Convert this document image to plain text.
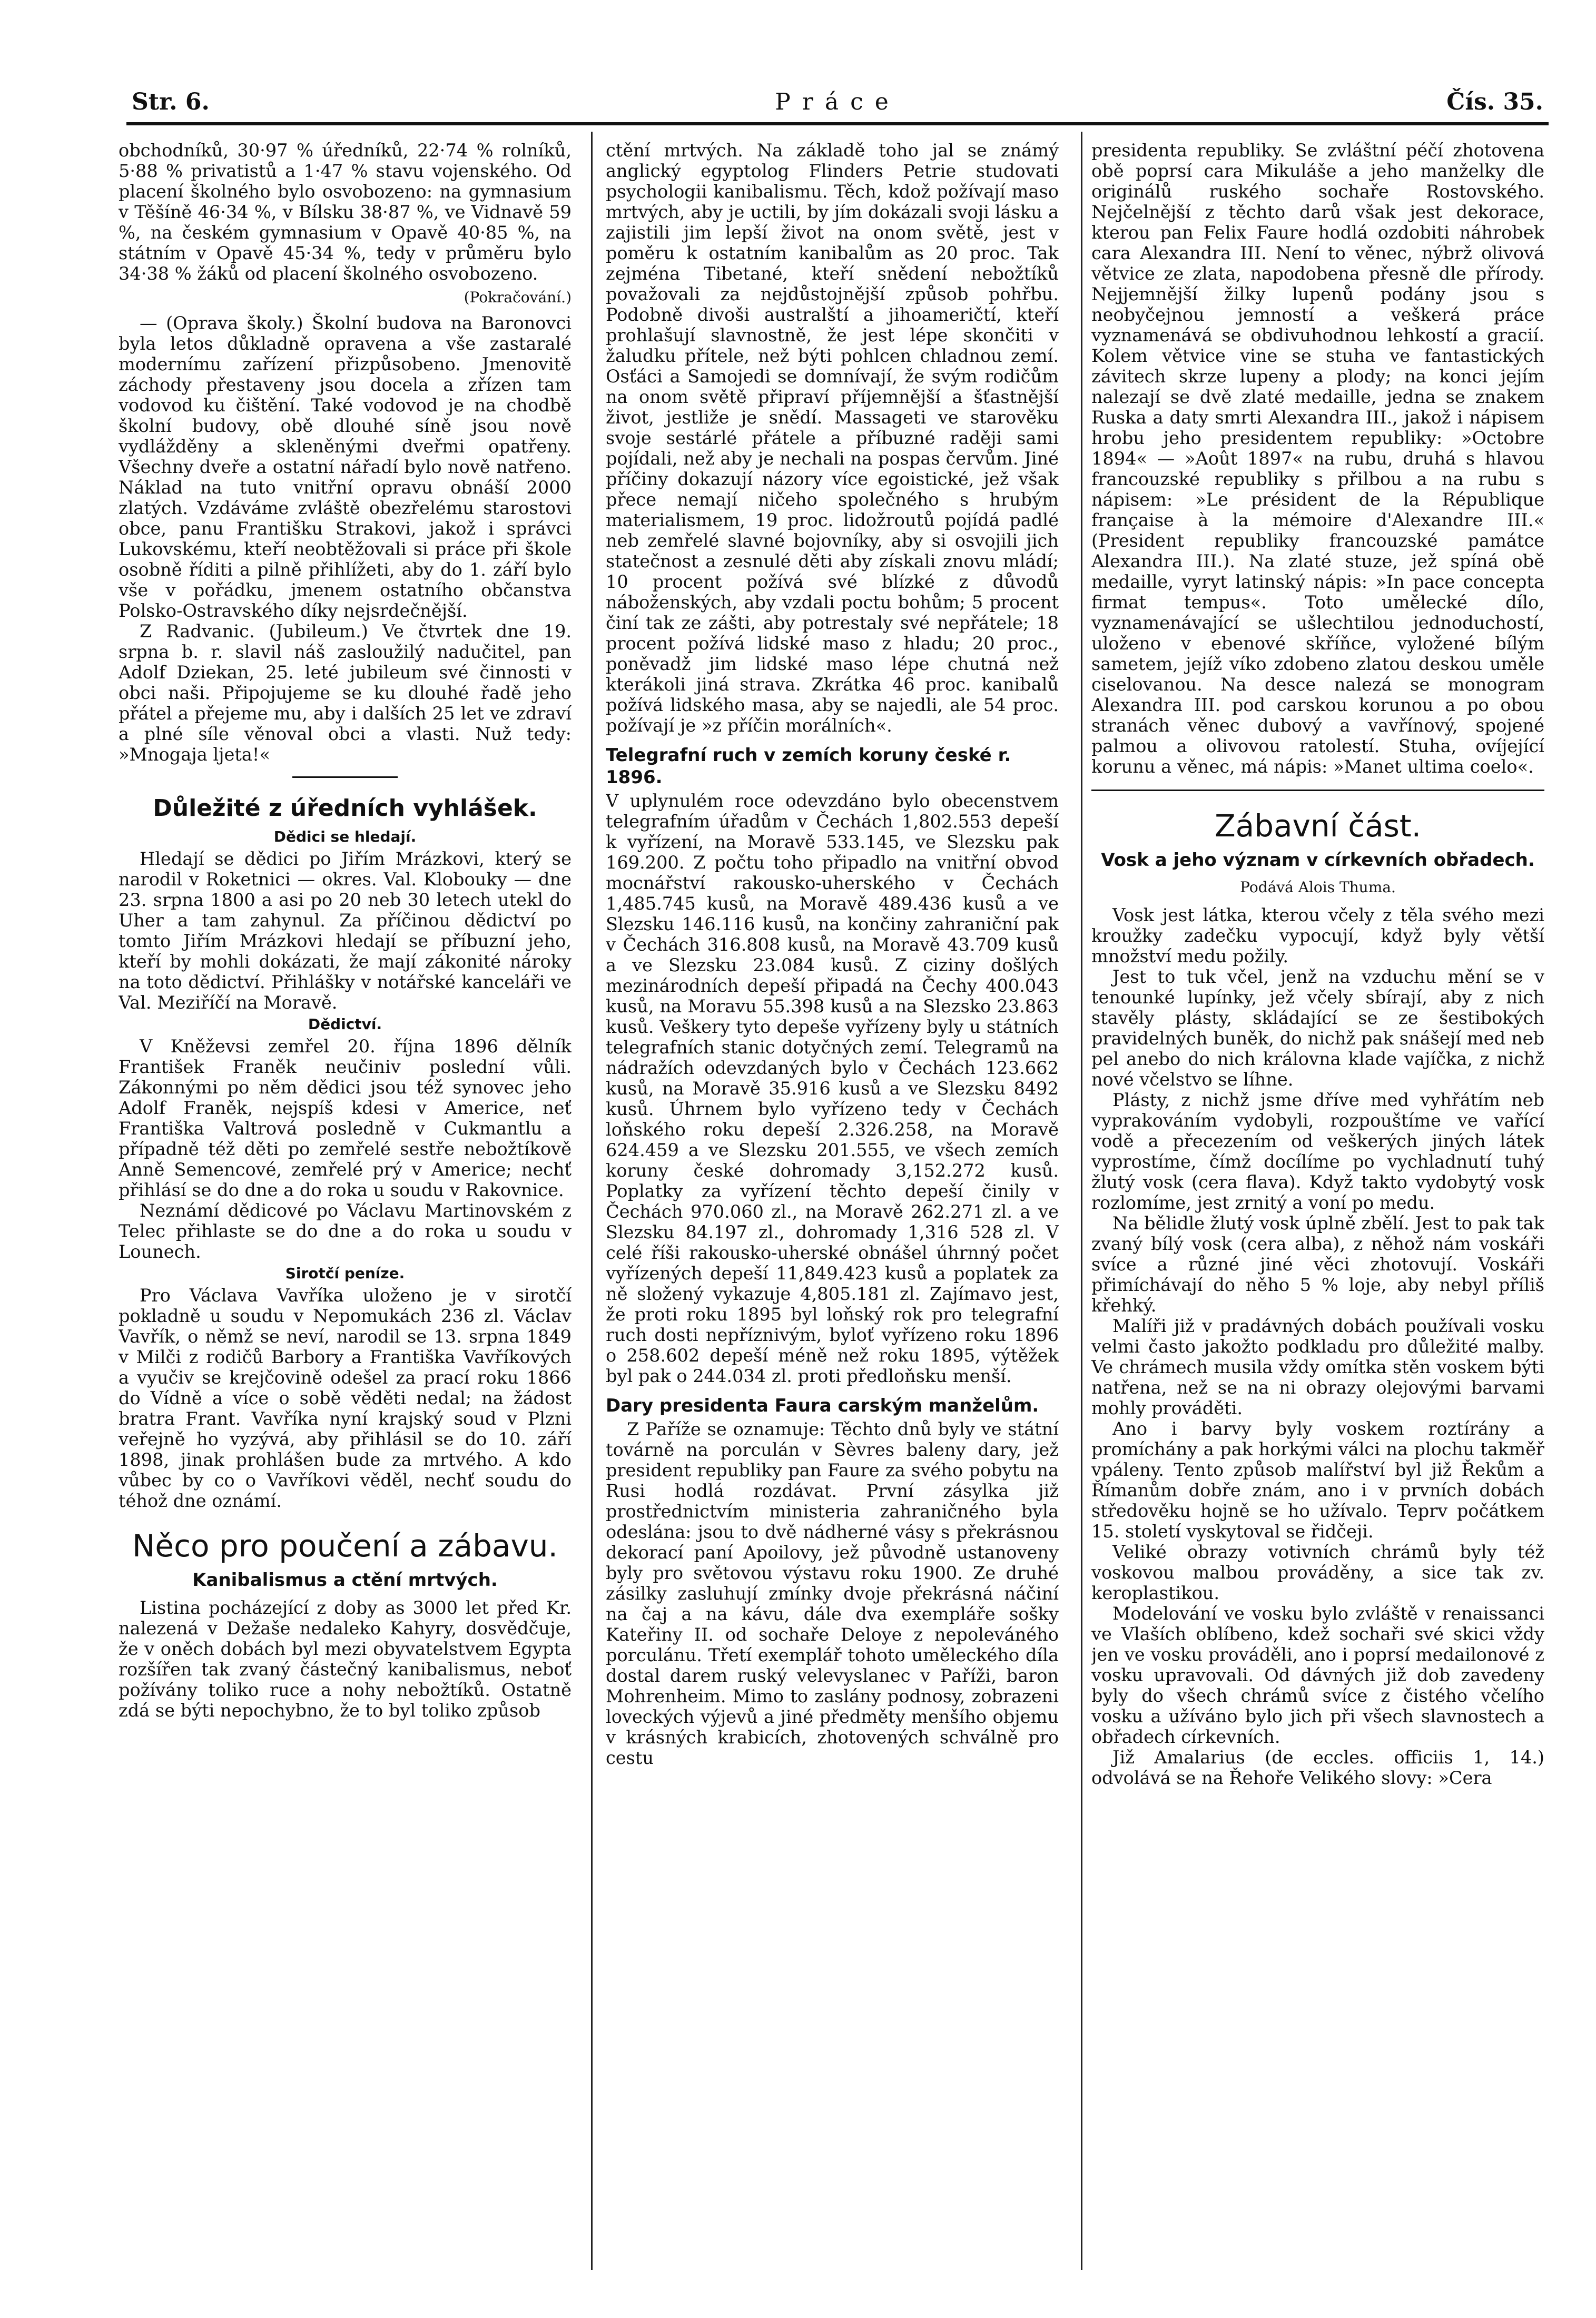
Str. 6.	Práce	Čís. 35.

obchodníků, 30·97 % úředníků, 22·74 % rolníků, 5·88 % privatistů a 1·47 % stavu vojenského. Od placení školného bylo osvobozeno: na gymnasium v Těšíně 46·34 %, v Bílsku 38·87 %, ve Vidnavě 59 %, na českém gymnasium v Opavě 40·85 %, na státním v Opavě 45·34 %, tedy v průměru bylo 34·38 % žáků od placení školného osvobozeno.

(Pokračování.)

— (Oprava školy.) Školní budova na Baronovci byla letos důkladně opravena a vše zastaralé modernímu zařízení přizpůsobeno. Jmenovitě záchody přestaveny jsou docela a zřízen tam vodovod ku čištění. Také vodovod je na chodbě školní budovy, obě dlouhé síně jsou nově vydlážděny a skleněnými dveřmi opatřeny. Všechny dveře a ostatní nářadí bylo nově natřeno. Náklad na tuto vnitřní opravu obnáší 2000 zlatých. Vzdáváme zvláště obezřelému starostovi obce, panu Františku Strakovi, jakož i správci Lukovskému, kteří neobtěžovali si práce při škole osobně říditi a pilně přihlížeti, aby do 1. září bylo vše v pořádku, jmenem ostatního občanstva Polsko-Ostravského díky nejsrdečnější.

Z Radvanic. (Jubileum.) Ve čtvrtek dne 19. srpna b. r. slavil náš zasloužilý nadučitel, pan Adolf Dziekan, 25. leté jubileum své činnosti v obci naši. Připojujeme se ku dlouhé řadě jeho přátel a přejeme mu, aby i dalších 25 let ve zdraví a plné síle věnoval obci a vlasti. Nuž tedy: »Mnogaja ljeta!«

Důležité z úředních vyhlášek.
Dědici se hledají.

Hledají se dědici po Jiřím Mrázkovi, který se narodil v Roketnici — okres. Val. Klobouky — dne 23. srpna 1800 a asi po 20 neb 30 letech utekl do Uher a tam zahynul. Za příčinou dědictví po tomto Jiřím Mrázkovi hledají se příbuzní jeho, kteří by mohli dokázati, že mají zákonité nároky na toto dědictví. Přihlášky v notářské kanceláři ve Val. Meziříčí na Moravě.

Dědictví.

V Kněževsi zemřel 20. října 1896 dělník František Franěk neučiniv poslední vůli. Zákonnými po něm dědici jsou též synovec jeho Adolf Franěk, nejspíš kdesi v Americe, neť Františka Valtrová posledně v Cukmantlu a případně též děti po zemřelé sestře nebožtíkově Anně Semencové, zemřelé prý v Americe; nechť přihlásí se do dne a do roka u soudu v Rakovnice.

Neznámí dědicové po Václavu Martinovském z Telec přihlaste se do dne a do roka u soudu v Lounech.

Sirotčí peníze.

Pro Václava Vavříka uloženo je v sirotčí pokladně u soudu v Nepomukách 236 zl. Václav Vavřík, o němž se neví, narodil se 13. srpna 1849 v Milči z rodičů Barbory a Františka Vavříkových a vyučiv se krejčovině odešel za prací roku 1866 do Vídně a více o sobě věděti nedal; na žádost bratra Frant. Vavříka nyní krajský soud v Plzni veřejně ho vyzývá, aby přihlásil se do 10. září 1898, jinak prohlášen bude za mrtvého. A kdo vůbec by co o Vavříkovi věděl, nechť soudu do téhož dne oznámí.

Něco pro poučení a zábavu.
Kanibalismus a ctění mrtvých.

Listina pocházející z doby as 3000 let před Kr. nalezená v Dežaše nedaleko Kahyry, dosvědčuje, že v oněch dobách byl mezi obyvatelstvem Egypta rozšířen tak zvaný částečný kanibalismus, neboť požívány toliko ruce a nohy nebožtíků. Ostatně zdá se býti nepochybno, že to byl toliko způsob

ctění mrtvých. Na základě toho jal se známý anglický egyptolog Flinders Petrie studovati psychologii kanibalismu. Těch, kdož požívají maso mrtvých, aby je uctili, by jím dokázali svoji lásku a zajistili jim lepší život na onom světě, jest v poměru k ostatním kanibalům as 20 proc. Tak zejména Tibetané, kteří snědení nebožtíků považovali za nejdůstojnější způsob pohřbu. Podobně divoši australští a jihoameričtí, kteří prohlašují slavnostně, že jest lépe skončiti v žaludku přítele, než býti pohlcen chladnou zemí. Osťáci a Samojedi se domnívají, že svým rodičům na onom světě připraví příjemnější a šťastnější život, jestliže je snědí. Massageti ve starověku svoje sestárlé přátele a příbuzné raději sami pojídali, než aby je nechali na pospas červům. Jiné příčiny dokazují názory více egoistické, jež však přece nemají ničeho společného s hrubým materialismem, 19 proc. lidožroutů pojídá padlé neb zemřelé slavné bojovníky, aby si osvojili jich statečnost a zesnulé děti aby získali znovu mládí; 10 procent požívá své blízké z důvodů náboženských, aby vzdali poctu bohům; 5 procent činí tak ze zášti, aby potrestaly své nepřátele; 18 procent požívá lidské maso z hladu; 20 proc., poněvadž jim lidské maso lépe chutná než kterákoli jiná strava. Zkrátka 46 proc. kanibalů požívá lidského masa, aby se najedli, ale 54 proc. požívají je »z příčin morálních«.

Telegrafní ruch v zemích koruny české r. 1896.

V uplynulém roce odevzdáno bylo obecenstvem telegrafním úřadům v Čechách 1,802.553 depeší k vyřízení, na Moravě 533.145, ve Slezsku pak 169.200. Z počtu toho připadlo na vnitřní obvod mocnářství rakousko-uherského v Čechách 1,485.745 kusů, na Moravě 489.436 kusů a ve Slezsku 146.116 kusů, na končiny zahraniční pak v Čechách 316.808 kusů, na Moravě 43.709 kusů a ve Slezsku 23.084 kusů. Z ciziny došlých mezinárodních depeší připadá na Čechy 400.043 kusů, na Moravu 55.398 kusů a na Slezsko 23.863 kusů. Veškery tyto depeše vyřízeny byly u státních telegrafních stanic dotyčných zemí. Telegramů na nádražích odevzdaných bylo v Čechách 123.662 kusů, na Moravě 35.916 kusů a ve Slezsku 8492 kusů. Úhrnem bylo vyřízeno tedy v Čechách loňského roku depeší 2.326.258, na Moravě 624.459 a ve Slezsku 201.555, ve všech zemích koruny české dohromady 3,152.272 kusů. Poplatky za vyřízení těchto depeší činily v Čechách 970.060 zl., na Moravě 262.271 zl. a ve Slezsku 84.197 zl., dohromady 1,316 528 zl. V celé říši rakousko-uherské obnášel úhrnný počet vyřízených depeší 11,849.423 kusů a poplatek za ně složený vykazuje 4,805.181 zl. Zajímavo jest, že proti roku 1895 byl loňský rok pro telegrafní ruch dosti nepříznivým, byloť vyřízeno roku 1896 o 258.602 depeší méně než roku 1895, výtěžek byl pak o 244.034 zl. proti předloňsku menší.

Dary presidenta Faura carským manželům.

Z Paříže se oznamuje: Těchto dnů byly ve státní továrně na porculán v Sèvres baleny dary, jež president republiky pan Faure za svého pobytu na Rusi hodlá rozdávat. První zásylka již prostřednictvím ministeria zahraničného byla odeslána: jsou to dvě nádherné vásy s překrásnou dekorací paní Apoilovy, jež původně ustanoveny byly pro světovou výstavu roku 1900. Ze druhé zásilky zasluhují zmínky dvoje překrásná náčiní na čaj a na kávu, dále dva exempláře sošky Kateřiny II. od sochaře Deloye z nepoleváného porculánu. Třetí exemplář tohoto uměleckého díla dostal darem ruský velevyslanec v Paříži, baron Mohrenheim. Mimo to zaslány podnosy, zobrazeni loveckých výjevů a jiné předměty menšího objemu v krásných krabicích, zhotovených schválně pro cestu

presidenta republiky. Se zvláštní péčí zhotovena obě poprsí cara Mikuláše a jeho manželky dle originálů ruského sochaře Rostovského. Nejčelnější z těchto darů však jest dekorace, kterou pan Felix Faure hodlá ozdobiti náhrobek cara Alexandra III. Není to věnec, nýbrž olivová větvice ze zlata, napodobena přesně dle přírody. Nejjemnější žilky lupenů podány jsou s neobyčejnou jemností a veškerá práce vyznamenává se obdivuhodnou lehkostí a gracií. Kolem větvice vine se stuha ve fantastických závitech skrze lupeny a plody; na konci jejím nalezají se dvě zlaté medaille, jedna se znakem Ruska a daty smrti Alexandra III., jakož i nápisem hrobu jeho presidentem republiky: »Octobre 1894« — »Août 1897« na rubu, druhá s hlavou francouzské republiky s přilbou a na rubu s nápisem: »Le président de la République française à la mémoire d'Alexandre III.« (President republiky francouzské památce Alexandra III.). Na zlaté stuze, jež spíná obě medaille, vyryt latinský nápis: »In pace concepta firmat tempus«. Toto umělecké dílo, vyznamenávající se ušlechtilou jednoduchostí, uloženo v ebenové skříňce, vyložené bílým sametem, jejíž víko zdobeno zlatou deskou uměle ciselovanou. Na desce nalezá se monogram Alexandra III. pod carskou korunou a po obou stranách věnec dubový a vavřínový, spojené palmou a olivovou ratolestí. Stuha, ovíjející korunu a věnec, má nápis: »Manet ultima coelo«.

Zábavní část.
Vosk a jeho význam v církevních obřadech.
Podává Alois Thuma.

Vosk jest látka, kterou včely z těla svého mezi kroužky zadečku vypocují, když byly větší množství medu požily.

Jest to tuk včel, jenž na vzduchu mění se v tenounké lupínky, jež včely sbírají, aby z nich stavěly plásty, skládající se ze šestibokých pravidelných buněk, do nichž pak snášejí med neb pel anebo do nich královna klade vajíčka, z nichž nové včelstvo se líhne.

Plásty, z nichž jsme dříve med vyhřátím neb vyprakováním vydobyli, rozpouštíme ve vařící vodě a přecezením od veškerých jiných látek vyprostíme, čímž docílíme po vychladnutí tuhý žlutý vosk (cera flava). Když takto vydobytý vosk rozlomíme, jest zrnitý a voní po medu.

Na bělidle žlutý vosk úplně zbělí. Jest to pak tak zvaný bílý vosk (cera alba), z něhož nám voskáři svíce a různé jiné věci zhotovují. Voskáři přimíchávají do něho 5 % loje, aby nebyl příliš křehký.

Malíři již v pradávných dobách používali vosku velmi často jakožto podkladu pro důležité malby. Ve chrámech musila vždy omítka stěn voskem býti natřena, než se na ni obrazy olejovými barvami mohly prováděti.

Ano i barvy byly voskem roztírány a promíchány a pak horkými válci na plochu takměř vpáleny. Tento způsob malířství byl již Řekům a Římanům dobře znám, ano i v prvních dobách středověku hojně se ho užívalo. Teprv počátkem 15. století vyskytoval se řidčeji.

Veliké obrazy votivních chrámů byly též voskovou malbou prováděny, a sice tak zv. keroplastikou.

Modelování ve vosku bylo zvláště v renaissanci ve Vlaších oblíbeno, kdež sochaři své skici vždy jen ve vosku prováděli, ano i poprsí medailonové z vosku upravovali. Od dávných již dob zavedeny byly do všech chrámů svíce z čistého včelího vosku a užíváno bylo jich při všech slavnostech a obřadech církevních.

Již Amalarius (de eccles. officiis 1, 14.) odvolává se na Řehoře Velikého slovy: »Cera
